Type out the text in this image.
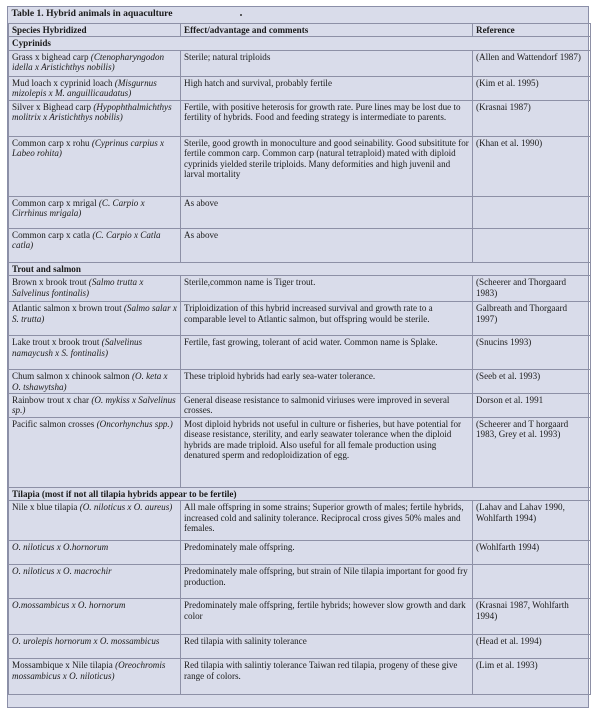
Table 1. Hybrid animals in aquaculture		
Species Hybridized	Effect/advantage and comments	Reference
Cyprinids		
Grass x bighead carp (Ctenopharyngodon idella x Aristichthys nobilis)	Sterile; natural triploids	(Allen and Wattendorf 1987)
Mud loach x cyprinid loach (Misgurnus mizolepis x M. anguillicaudatus)	High hatch and survival, probably fertile	(Kim et al. 1995)
Silver x Bighead carp (Hypophthalmichthys molitrix x Aristichthys nobilis)	Fertile, with positive heterosis for growth rate. Pure lines may be lost due to fertility of hybrids. Food and feeding strategy is intermediate to parents.	(Krasnai 1987)
Common carp x rohu (Cyprinus carpius x Labeo rohita)	Sterile, good growth in monoculture and good seinability. Good subsititute for fertile common carp. Common carp (natural tetraploid) mated with diploid cyprinids yielded sterile triploids. Many deformities and high juvenil and larval mortality	(Khan et al. 1990)
Common carp x mrigal (C. Carpio x Cirrhinus mrigala)	As above	
Common carp x catla (C. Carpio x Catla catla)	As above	
Trout and salmon		
Brown x brook trout (Salmo trutta x Salvelinus fontinalis)	Sterile,common name is Tiger trout.	(Scheerer and Thorgaard 1983)
Atlantic salmon x brown trout (Salmo salar x S. trutta)	Triploidization of this hybrid increased survival and growth rate to a comparable level to Atlantic salmon, but offspring would be sterile.	Galbreath and Thorgaard 1997)
Lake trout x brook trout (Salvelinus namaycush x S. fontinalis)	Fertile, fast growing, tolerant of acid water. Common name is Splake.	(Snucins 1993)
Chum salmon x chinook salmon (O. keta x O. tshawytsha)	These triploid hybrids had early sea-water tolerance.	(Seeb et al. 1993)
Rainbow trout x char (O. mykiss x Salvelinus sp.)	General disease resistance to salmonid viriuses were improved in several crosses.	Dorson et al. 1991
Pacific salmon crosses (Oncorhynchus spp.)	Most diploid hybrids not useful in culture or fisheries, but have potential for disease resistance, sterility, and early seawater tolerance when the diploid hybrids are made triploid. Also useful for all female production using denatured sperm and redoploidization of egg.	(Scheerer and T horgaard 1983, Grey et al. 1993)
Tilapia (most if not all tilapia hybrids appear to be fertile)		
Nile x blue tilapia (O. niloticus x O. aureus)	All male offspring in some strains; Superior growth of males; fertile hybrids, increased cold and salinity tolerance. Reciprocal cross gives 50% males and females.	(Lahav and Lahav 1990, Wohlfarth 1994)
O. niloticus x O.hornorum	Predominately male offspring.	(Wohlfarth 1994)
O. niloticus x O. macrochir	Predominately male offspring, but strain of Nile tilapia important for good fry production.	
O.mossambicus x O. hornorum	Predominately male offspring, fertile hybrids; however slow growth and dark color	(Krasnai 1987, Wohlfarth 1994)
O. urolepis hornorum x O. mossambicus	Red tilapia with salinity tolerance	(Head et al. 1994)
Mossambique x Nile tilapia (Oreochromis mossambicus x O. niloticus)	Red tilapia with salintiy tolerance Taiwan red tilapia, progeny of these give range of colors.	(Lim et al. 1993)
